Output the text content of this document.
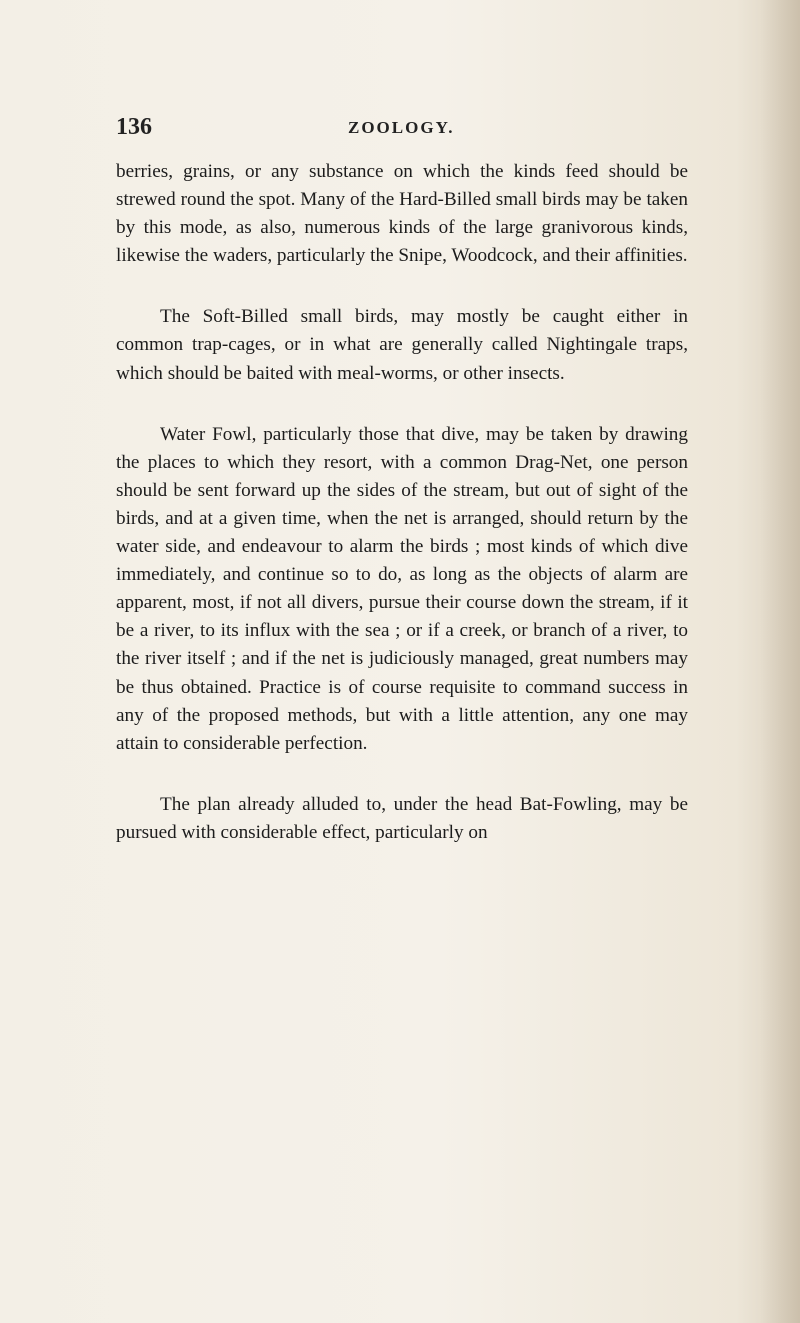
136	ZOOLOGY.

berries, grains, or any substance on which the kinds feed should be strewed round the spot. Many of the Hard-Billed small birds may be taken by this mode, as also, numerous kinds of the large granivorous kinds, likewise the waders, particularly the Snipe, Woodcock, and their affinities.

The Soft-Billed small birds, may mostly be caught either in common trap-cages, or in what are generally called Nightingale traps, which should be baited with meal-worms, or other insects.

Water Fowl, particularly those that dive, may be taken by drawing the places to which they resort, with a common Drag-Net, one person should be sent forward up the sides of the stream, but out of sight of the birds, and at a given time, when the net is arranged, should return by the water side, and endeavour to alarm the birds ; most kinds of which dive immediately, and continue so to do, as long as the objects of alarm are apparent, most, if not all divers, pursue their course down the stream, if it be a river, to its influx with the sea ; or if a creek, or branch of a river, to the river itself ; and if the net is judiciously managed, great numbers may be thus obtained. Practice is of course requisite to command success in any of the proposed methods, but with a little attention, any one may attain to considerable perfection.

The plan already alluded to, under the head Bat-Fowling, may be pursued with considerable effect, particularly on
